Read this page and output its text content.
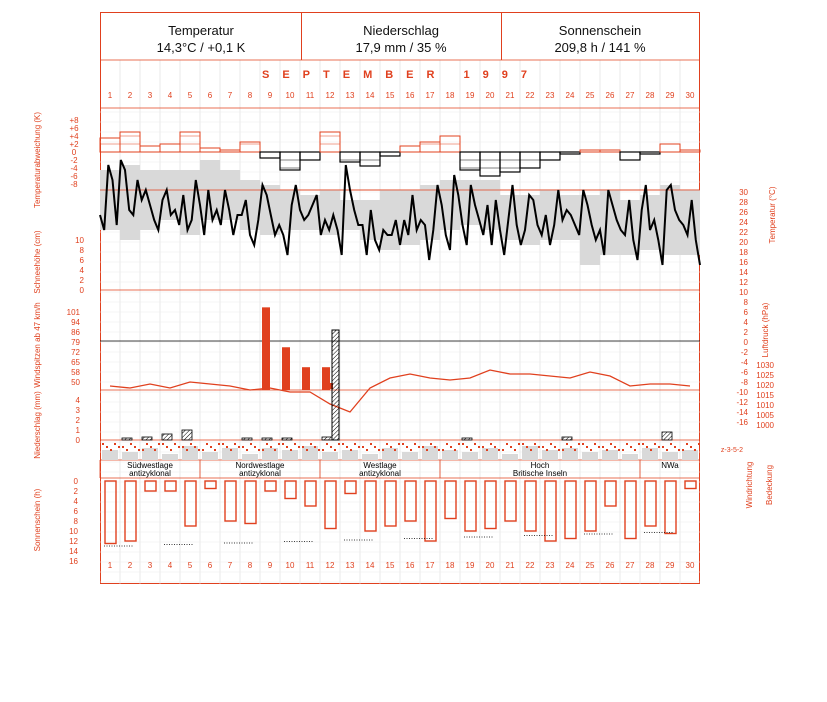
Temperatur
14,3°C / +0,1 K
Niederschlag
17,9 mm / 35 %
Sonnenschein
209,8 h / 141 %
SEPTEMBER 1997
1
1
2
2
3
3
4
4
5
5
6
6
7
7
8
8
9
9
10
10
11
11
12
12
13
13
14
14
15
15
16
16
17
17
18
18
19
19
20
20
21
21
22
22
23
23
24
24
25
25
26
26
27
27
28
28
29
29
30
30
+8
+6
+4
+2
0
-2
-4
-6
-8
Temperaturabweichung (K)
10
8
6
4
2
0
Schneehöhe (cm)
30
28
26
24
22
20
18
16
14
12
10
8
6
4
2
0
-2
-4
-6
-8
-10
-12
-14
-16
Temperatur (°C)
101
94
86
79
72
65
58
50
Windspitzen ab 47 km/h	1030
1025
1020
1015
1010
1005
1000
Luftdruck (hPa)
4
3
2
1
0
Niederschlag (mm)	z-3-5-2
Windrichtung Bedeckung
Südwestlage
antizyklonal
Nordwestlage
antizyklonal
Westlage
antizyklonal
Hoch
Britische Inseln
NWa
0
2
4
6
8
10
12
14
16
Sonnenschein (h)
